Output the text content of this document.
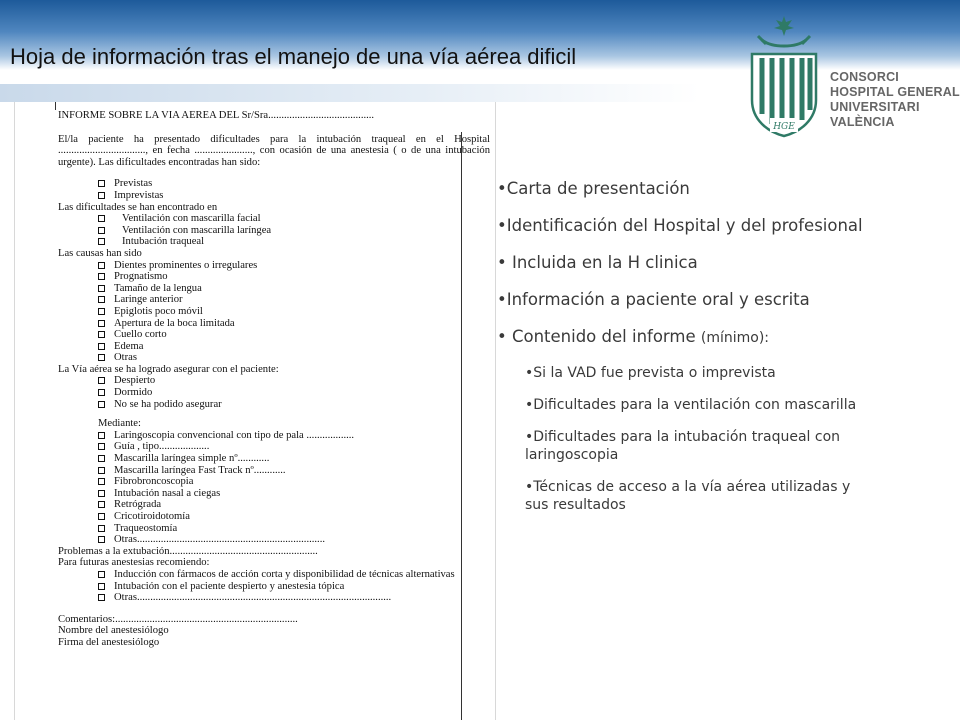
Hoja de información tras el manejo de una vía aérea dificil
HGE
CONSORCI
HOSPITAL GENERAL
UNIVERSITARI
VALÈNCIA

INFORME SOBRE LA VIA AEREA DEL Sr/Sra........................................

El/la paciente ha presentado dificultades para la intubación traqueal en el Hospital ................................., en fecha ......................, con ocasión de una anestesia ( o de una intubación urgente). Las dificultades encontradas han sido:

Previstas
Imprevistas

Las dificultades se han encontrado en

Ventilación con mascarilla facial
Ventilación con mascarilla laríngea
Intubación traqueal

Las causas han sido

Dientes prominentes o irregulares
Prognatismo
Tamaño de la lengua
Laringe anterior
Epiglotis poco móvil
Apertura de la boca limitada
Cuello corto
Edema
Otras

La Vía aérea se ha logrado asegurar con el paciente:

Despierto
Dormido
No se ha podido asegurar

Mediante:

Laringoscopia convencional con tipo de pala ..................
Guía , tipo...................
Mascarilla laríngea simple nº............
Mascarilla laríngea Fast Track nº............
Fibrobroncoscopia
Intubación nasal a ciegas
Retrógrada
Cricotiroidotomía
Traqueostomía
Otras.......................................................................

Problemas a la extubación........................................................

Para futuras anestesias recomiendo:

Inducción con fármacos de acción corta y disponibilidad de técnicas alternativas
Intubación con el paciente despierto y anestesia tópica
Otras................................................................................................

Comentarios:.....................................................................

Nombre del anestesiólogo

Firma del anestesiólogo

•Carta de presentación
•Identificación del Hospital y del profesional
• Incluida en la H clinica
•Información a paciente oral y escrita
• Contenido del informe (mínimo):
•Si la VAD fue prevista o imprevista
•Dificultades para la ventilación con mascarilla
•Dificultades para la intubación traqueal con laringoscopia
•Técnicas de acceso a la vía aérea utilizadas y sus resultados
